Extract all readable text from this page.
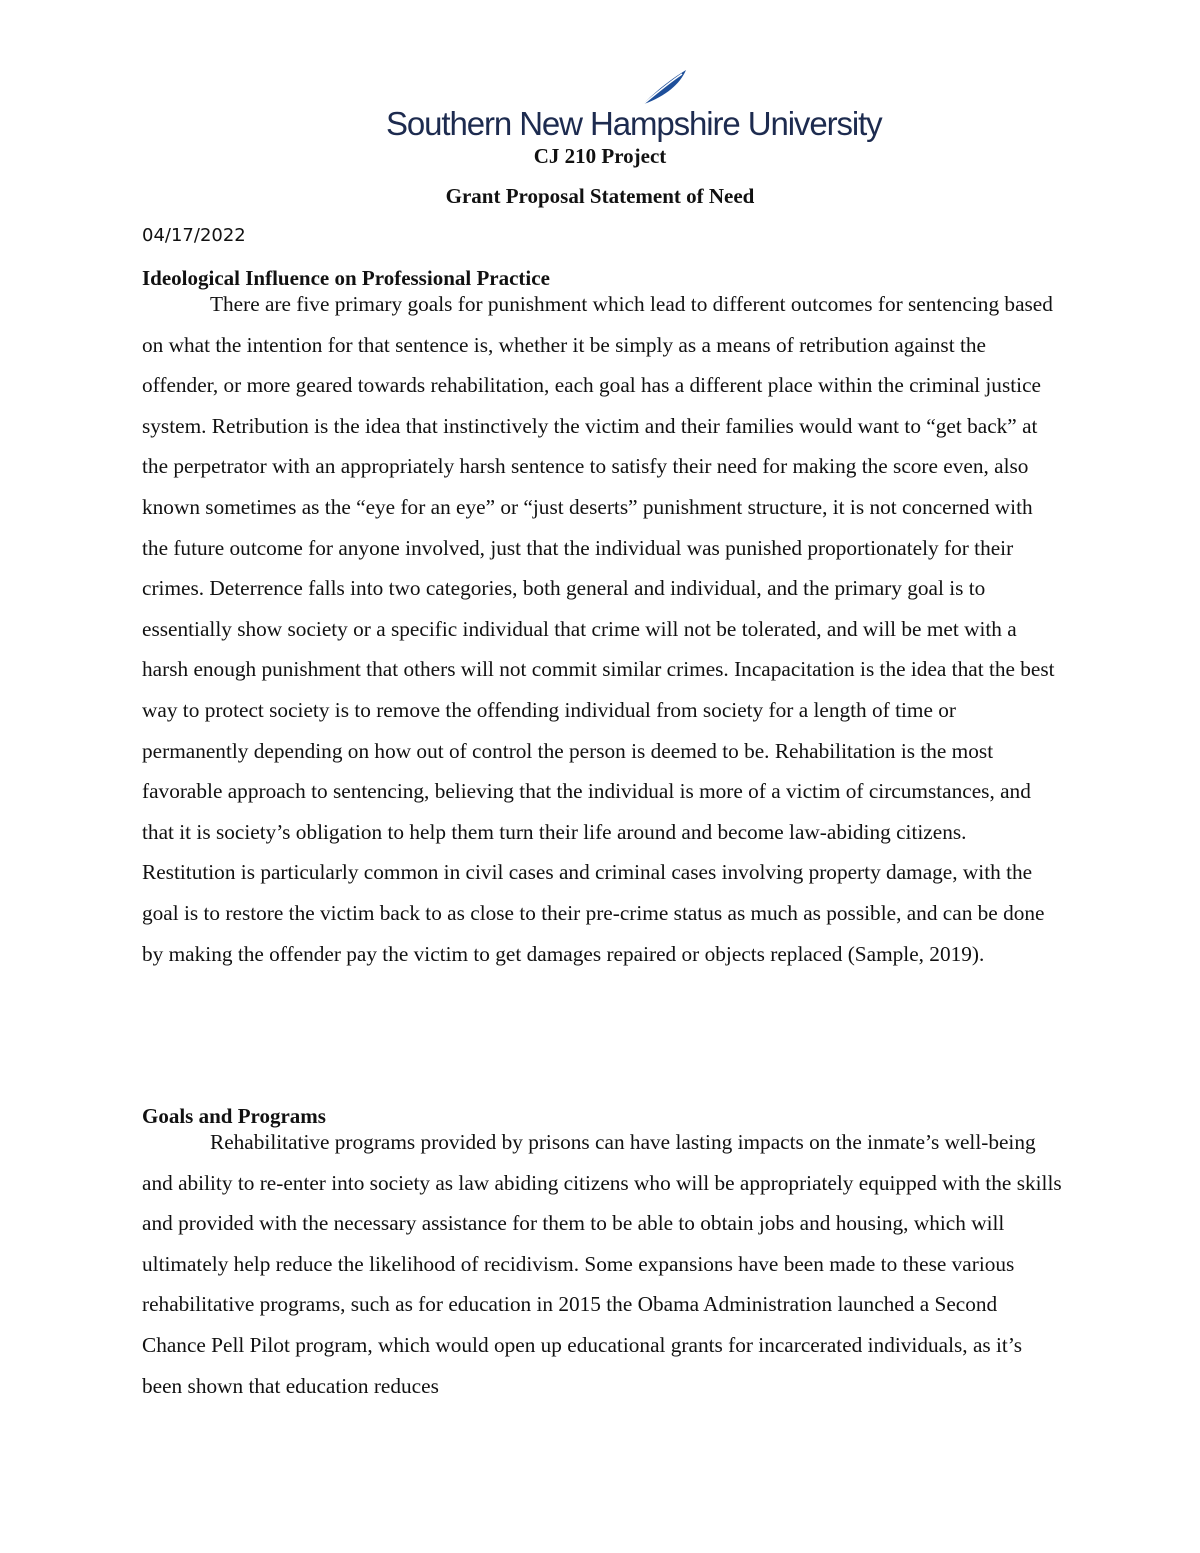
Southern New Hampshire University
CJ 210 Project
Grant Proposal Statement of Need
04/17/2022
Ideological Influence on Professional Practice

There are five primary goals for punishment which lead to different outcomes for sentencing based on what the intention for that sentence is, whether it be simply as a means of retribution against the offender, or more geared towards rehabilitation, each goal has a different place within the criminal justice system. Retribution is the idea that instinctively the victim and their families would want to “get back” at the perpetrator with an appropriately harsh sentence to satisfy their need for making the score even, also known sometimes as the “eye for an eye” or “just deserts” punishment structure, it is not concerned with the future outcome for anyone involved, just that the individual was punished proportionately for their crimes. Deterrence falls into two categories, both general and individual, and the primary goal is to essentially show society or a specific individual that crime will not be tolerated, and will be met with a harsh enough punishment that others will not commit similar crimes. Incapacitation is the idea that the best way to protect society is to remove the offending individual from society for a length of time or permanently depending on how out of control the person is deemed to be. Rehabilitation is the most favorable approach to sentencing, believing that the individual is more of a victim of circumstances, and that it is society’s obligation to help them turn their life around and become law-abiding citizens. Restitution is particularly common in civil cases and criminal cases involving property damage, with the goal is to restore the victim back to as close to their pre-crime status as much as possible, and can be done by making the offender pay the victim to get damages repaired or objects replaced (Sample, 2019).

Goals and Programs

Rehabilitative programs provided by prisons can have lasting impacts on the inmate’s well-being and ability to re-enter into society as law abiding citizens who will be appropriately equipped with the skills and provided with the necessary assistance for them to be able to obtain jobs and housing, which will ultimately help reduce the likelihood of recidivism. Some expansions have been made to these various rehabilitative programs, such as for education in 2015 the Obama Administration launched a Second Chance Pell Pilot program, which would open up educational grants for incarcerated individuals, as it’s been shown that education reduces
